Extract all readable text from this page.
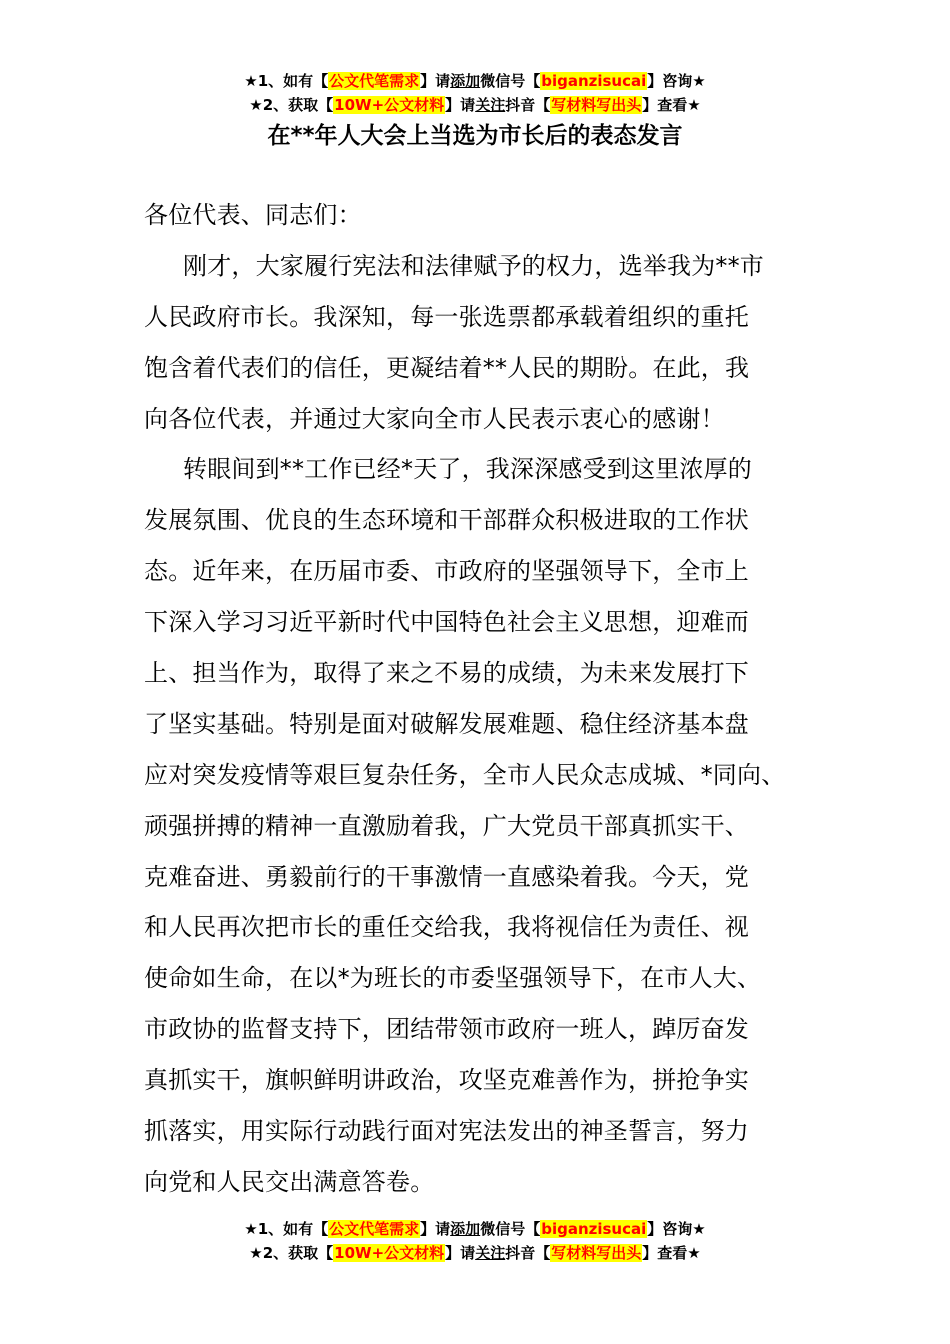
★1、如有【公文代笔需求】请添加微信号【biganzisucai】咨询★
★2、获取【10W+公文材料】请关注抖音【写材料写出头】查看★
在**年人大会上当选为市长后的表态发言
各位代表、同志们：
刚才，大家履行宪法和法律赋予的权力，选举我为**市
人民政府市长。我深知，每一张选票都承载着组织的重托
饱含着代表们的信任，更凝结着**人民的期盼。在此，我
向各位代表，并通过大家向全市人民表示衷心的感谢！
转眼间到**工作已经*天了，我深深感受到这里浓厚的
发展氛围、优良的生态环境和干部群众积极进取的工作状
态。近年来，在历届市委、市政府的坚强领导下，全市上
下深入学习习近平新时代中国特色社会主义思想，迎难而
上、担当作为，取得了来之不易的成绩，为未来发展打下
了坚实基础。特别是面对破解发展难题、稳住经济基本盘
应对突发疫情等艰巨复杂任务，全市人民众志成城、*同向、
顽强拼搏的精神一直激励着我，广大党员干部真抓实干、
克难奋进、勇毅前行的干事激情一直感染着我。今天，党
和人民再次把市长的重任交给我，我将视信任为责任、视
使命如生命，在以*为班长的市委坚强领导下，在市人大、
市政协的监督支持下，团结带领市政府一班人，踔厉奋发
真抓实干，旗帜鲜明讲政治，攻坚克难善作为，拼抢争实
抓落实，用实际行动践行面对宪法发出的神圣誓言，努力
向党和人民交出满意答卷。
★1、如有【公文代笔需求】请添加微信号【biganzisucai】咨询★
★2、获取【10W+公文材料】请关注抖音【写材料写出头】查看★
